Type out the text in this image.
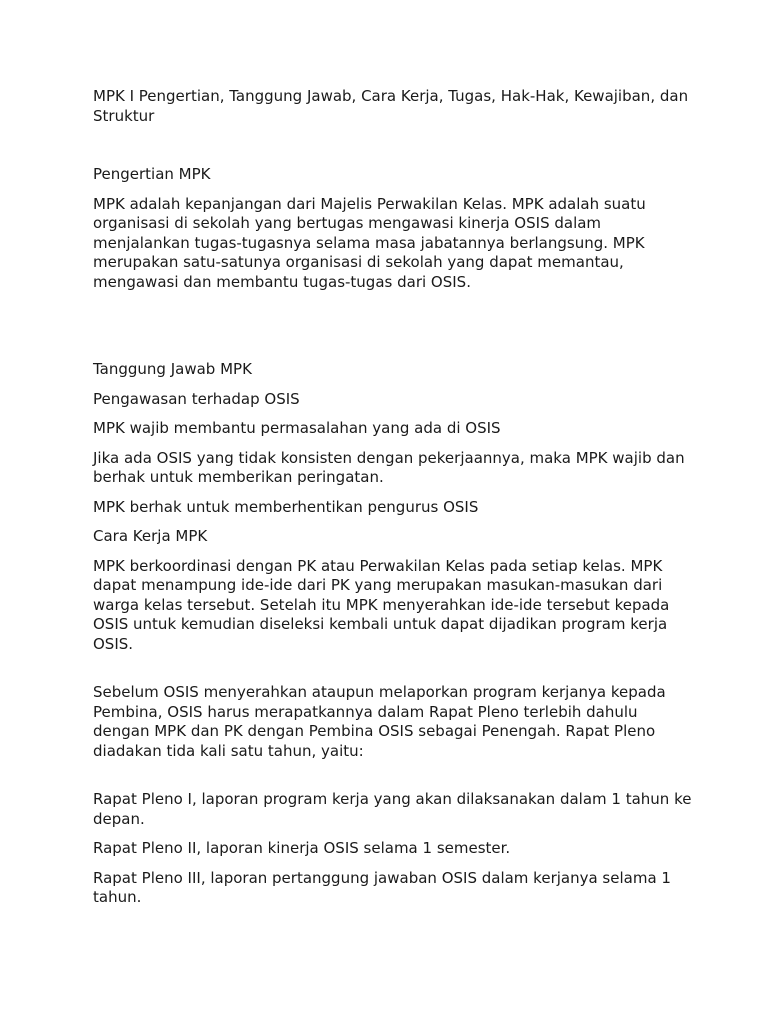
MPK I Pengertian, Tanggung Jawab, Cara Kerja, Tugas, Hak-Hak, Kewajiban, dan Struktur

Pengertian MPK

MPK adalah kepanjangan dari Majelis Perwakilan Kelas. MPK adalah suatu organisasi di sekolah yang bertugas mengawasi kinerja OSIS dalam menjalankan tugas-tugasnya selama masa jabatannya berlangsung. MPK merupakan satu-satunya organisasi di sekolah yang dapat memantau, mengawasi dan membantu tugas-tugas dari OSIS.

Tanggung Jawab MPK

Pengawasan terhadap OSIS

MPK wajib membantu permasalahan yang ada di OSIS

Jika ada OSIS yang tidak konsisten dengan pekerjaannya, maka MPK wajib dan berhak untuk memberikan peringatan.

MPK berhak untuk memberhentikan pengurus OSIS

Cara Kerja MPK

MPK berkoordinasi dengan PK atau Perwakilan Kelas pada setiap kelas. MPK dapat menampung ide-ide dari PK yang merupakan masukan-masukan dari warga kelas tersebut. Setelah itu MPK menyerahkan ide-ide tersebut kepada OSIS untuk kemudian diseleksi kembali untuk dapat dijadikan program kerja OSIS.

Sebelum OSIS menyerahkan ataupun melaporkan program kerjanya kepada Pembina, OSIS harus merapatkannya dalam Rapat Pleno terlebih dahulu dengan MPK dan PK dengan Pembina OSIS sebagai Penengah. Rapat Pleno diadakan tida kali satu tahun, yaitu:

Rapat Pleno I, laporan program kerja yang akan dilaksanakan dalam 1 tahun ke depan.

Rapat Pleno II, laporan kinerja OSIS selama 1 semester.

Rapat Pleno III, laporan pertanggung jawaban OSIS dalam kerjanya selama 1 tahun.
